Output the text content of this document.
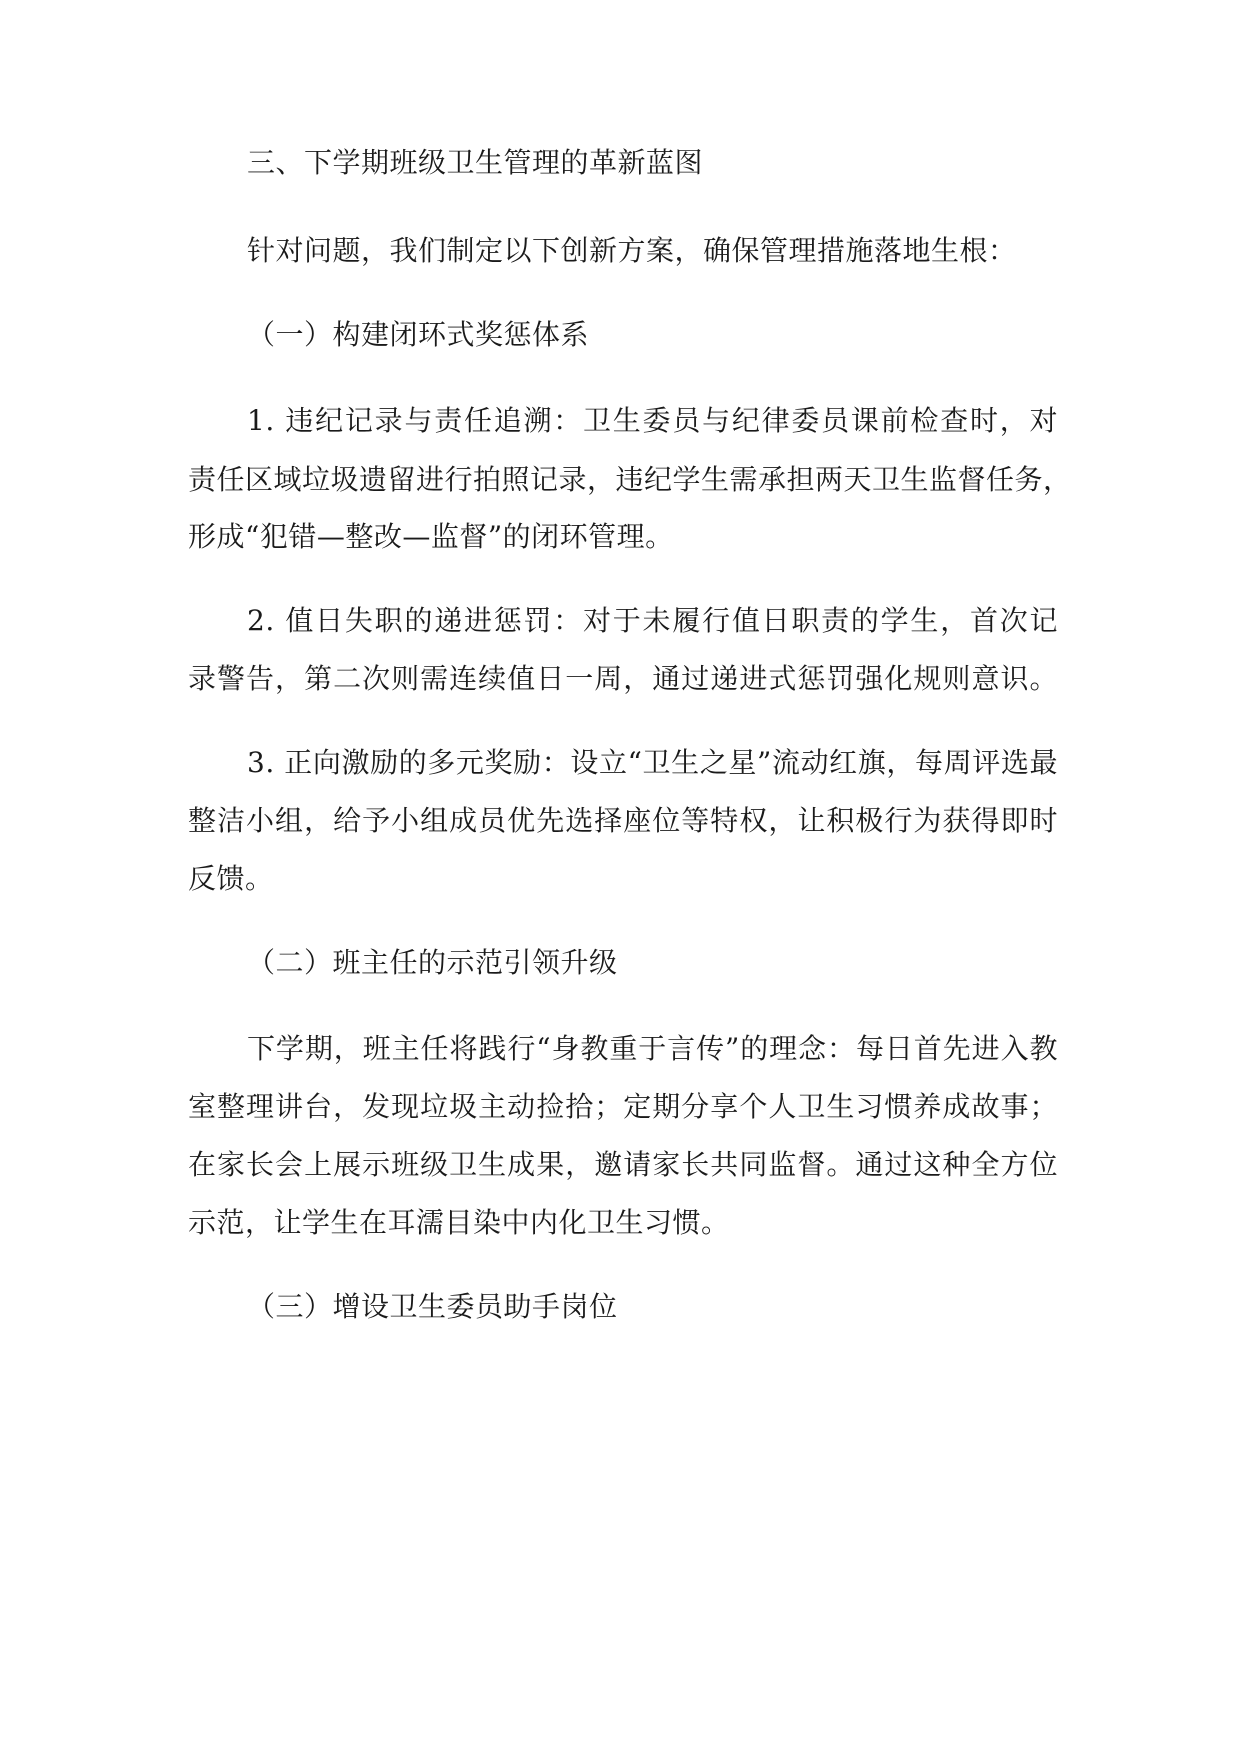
三、下学期班级卫生管理的革新蓝图
针对问题，我们制定以下创新方案，确保管理措施落地生根：
（一）构建闭环式奖惩体系
1. 违纪记录与责任追溯：卫生委员与纪律委员课前检查时，对
责任区域垃圾遗留进行拍照记录，违纪学生需承担两天卫生监督任务，
形成“犯错—整改—监督”的闭环管理。
2. 值日失职的递进惩罚：对于未履行值日职责的学生，首次记
录警告，第二次则需连续值日一周，通过递进式惩罚强化规则意识。
3. 正向激励的多元奖励：设立“卫生之星”流动红旗，每周评选最
整洁小组，给予小组成员优先选择座位等特权，让积极行为获得即时
反馈。
（二）班主任的示范引领升级
下学期，班主任将践行“身教重于言传”的理念：每日首先进入教
室整理讲台，发现垃圾主动捡拾；定期分享个人卫生习惯养成故事；
在家长会上展示班级卫生成果，邀请家长共同监督。通过这种全方位
示范，让学生在耳濡目染中内化卫生习惯。
（三）增设卫生委员助手岗位
